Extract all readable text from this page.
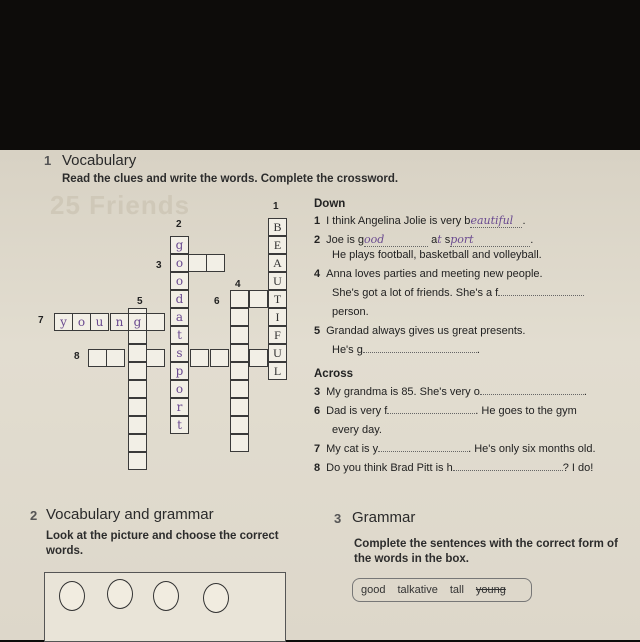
25 Friends
1 Vocabulary
Read the clues and write the words. Complete the crossword.
1
2
3
4
5	6
7
8
B
E
A
U
T
I
F
U
L
g
o
o
d
a
t
s
p
o
r
t
y o u	n g
Down
1 I think Angelina Jolie is very beautiful .
2 Joe is good	at sport	.
He plays football, basketball and volleyball.
4 Anna loves parties and meeting new people.
She's got a lot of friends. She's a f
person.
5 Grandad always gives us great presents.
He's g	.
Across
3 My grandma is 85. She's very o	.
6 Dad is very f	. He goes to the gym
every day.
7 My cat is y	. He's only six months old.
8 Do you think Brad Pitt is h	? I do!
2 Vocabulary and grammar
Look at the picture and choose the correct words.
3 Grammar
Complete the sentences with the correct form of the words in the box.
good talkative tall young
